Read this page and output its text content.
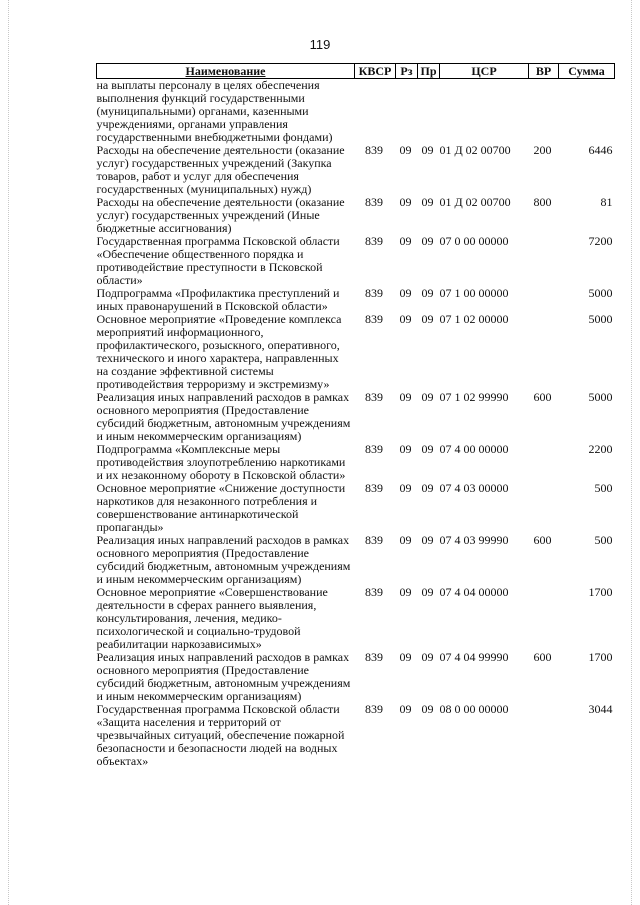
119
Наименование	КВСР	Рз	Пр	ЦСР	ВР	Сумма
на выплаты персоналу в целях обеспечения выполнения функций государственными (муниципальными) органами, казенными учреждениями, органами управления государственными внебюджетными фондами)						
Расходы на обеспечение деятельности (оказание услуг) государственных учреждений (Закупка товаров, работ и услуг для обеспечения государственных (муниципальных) нужд)	839	09	09	01 Д 02 00700	200	6446
Расходы на обеспечение деятельности (оказание услуг) государственных учреждений (Иные бюджетные ассигнования)	839	09	09	01 Д 02 00700	800	81
Государственная программа Псковской области «Обеспечение общественного порядка и противодействие преступности в Псковской области»	839	09	09	07 0 00 00000		7200
Подпрограмма «Профилактика преступлений и иных правонарушений в Псковской области»	839	09	09	07 1 00 00000		5000
Основное мероприятие «Проведение комплекса мероприятий информационного, профилактического, розыскного, оперативного, технического и иного характера, направленных на создание эффективной системы противодействия терроризму и экстремизму»	839	09	09	07 1 02 00000		5000
Реализация иных направлений расходов в рамках основного мероприятия (Предоставление субсидий бюджетным, автономным учреждениям и иным некоммерческим организациям)	839	09	09	07 1 02 99990	600	5000
Подпрограмма «Комплексные меры противодействия злоупотреблению наркотиками и их незаконному обороту в Псковской области»	839	09	09	07 4 00 00000		2200
Основное мероприятие «Снижение доступности наркотиков для незаконного потребления и совершенствование антинаркотической пропаганды»	839	09	09	07 4 03 00000		500
Реализация иных направлений расходов в рамках основного мероприятия (Предоставление субсидий бюджетным, автономным учреждениям и иным некоммерческим организациям)	839	09	09	07 4 03 99990	600	500
Основное мероприятие «Совершенствование деятельности в сферах раннего выявления, консультирования, лечения, медико-психологической и социально-трудовой реабилитации наркозависимых»	839	09	09	07 4 04 00000		1700
Реализация иных направлений расходов в рамках основного мероприятия (Предоставление субсидий бюджетным, автономным учреждениям и иным некоммерческим организациям)	839	09	09	07 4 04 99990	600	1700
Государственная программа Псковской области «Защита населения и территорий от чрезвычайных ситуаций, обеспечение пожарной безопасности и безопасности людей на водных объектах»	839	09	09	08 0 00 00000		3044
